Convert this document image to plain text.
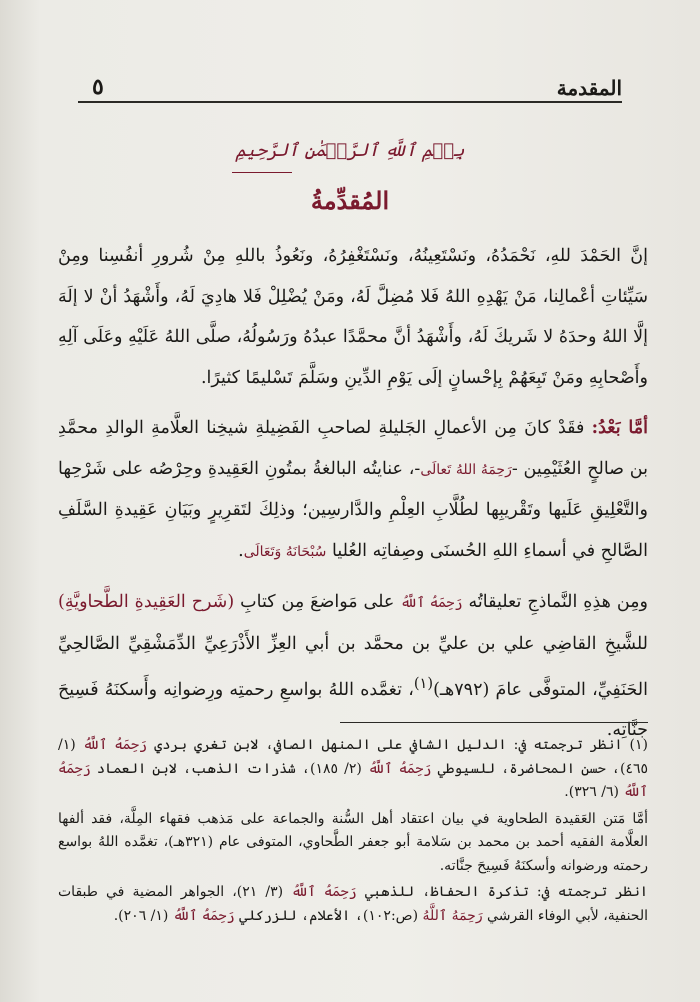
٥	المقدمة
بِسۡمِ ٱللَّهِ ٱلرَّحۡمَٰنِ ٱلرَّحِيمِ
المُقدِّمةُ

إنَّ الحَمْدَ للهِ، نَحْمَدُهُ، ونَسْتَعِينُهُ، ونَسْتَغْفِرُهُ، ونَعُوذُ باللهِ مِنْ شُرورِ أنفُسِنا ومِنْ سَيِّئاتِ أعْمالِنا، مَنْ يَهْدِهِ اللهُ فَلا مُضِلَّ لَهُ، ومَنْ يُضْلِلْ فَلا هادِيَ لَهُ، وأَشْهَدُ أنْ لا إلَهَ إلَّا اللهُ وحدَهُ لا شَريكَ لَهُ، وأَشْهَدُ أنَّ محمَّدًا عبدُهُ ورَسُولُهُ، صلَّى اللهُ عَلَيْهِ وعَلَى آلِهِ وأَصْحابِهِ ومَنْ تَبِعَهُمْ بِإحْسانٍ إلَى يَوْمِ الدِّينِ وسَلَّمَ تَسْليمًا كثيرًا.

أمَّا بَعْدُ: فقَدْ كانَ مِن الأعمالِ الجَليلةِ لصاحبِ الفَضِيلةِ شيخِنا العلَّامةِ الوالدِ محمَّدِ بن صالحٍ العُثَيْمِين -رَحِمَهُ اللهُ تَعالَى-، عنايتُه البالغةُ بمتُونِ العَقِيدةِ وحِرْصُه على شَرْحِها والتَّعْلِيقِ عَلَيها وتَقْريبِها لطُلَّابِ العِلْمِ والدَّارسِين؛ وذلِكَ لتَقرِيرٍ وبَيَانِ عَقِيدةِ السَّلَفِ الصَّالحِ في أسماءِ اللهِ الحُسنَى وصِفاتِه العُليا سُبْحَانَهُ وَتَعَالَى.

ومِن هذِهِ النَّماذجِ تعليقاتُه رَحِمَهُ ٱللَّهُ على مَواضعَ مِن كتابِ (شَرح العَقِيدةِ الطَّحاويَّةِ) للشَّيخِ القاضِي علي بن عليِّ بن محمَّد بن أبي العِزِّ الأَذْرَعِيِّ الدِّمَشْقِيِّ الصَّالحِيِّ الحَنَفِيِّ، المتوفَّى عامَ (٧٩٢هـ)$^{(١)}$، تغمَّده اللهُ بواسعِ رحمتِه ورِضوانِه وأَسكنَهُ فَسِيحَ جنَّاتِه.

(١) انظر ترجمته في: الدليل الشافي على المنهل الصافي، لابن تغري بردي رَحِمَهُ ٱللَّهُ (١/ ٤٦٥)، حسن المحاضرة، للسيوطي رَحِمَهُ ٱللَّهُ (٢/ ١٨٥)، شذرات الذهب، لابن العماد رَحِمَهُ ٱللَّهُ (٦/ ٣٢٦).

أمَّا مَتن العَقيدة الطحاوية في بيان اعتقاد أهل السُّنة والجماعة على مَذهب فقهاء المِلَّة، فقد ألفها العلَّامة الفقيه أحمد بن محمد بن سَلامة أبو جعفر الطَّحاوي، المتوفى عام (٣٢١هـ)، تغمَّده اللهُ بواسع رحمته ورضوانه وأسكنَهُ فَسِيحَ جنَّاته.

انظر ترجمته في: تذكرة الحفاظ، للذهبي رَحِمَهُ ٱللَّهُ (٣/ ٢١)، الجواهر المضية في طبقات الحنفية، لأبي الوفاء القرشي رَحِمَهُ ٱللَّهُ (ص:١٠٢)، الأعلام، للزركلي رَحِمَهُ ٱللَّهُ (١/ ٢٠٦).
